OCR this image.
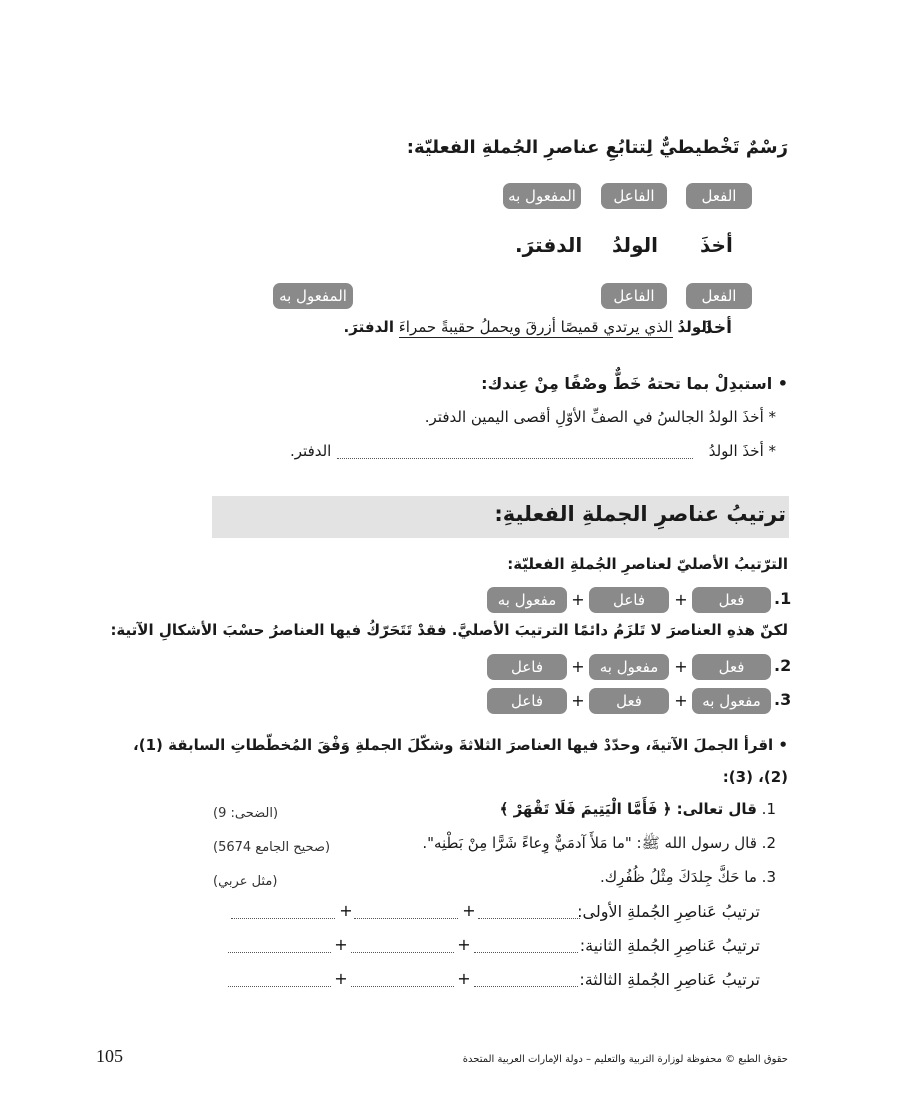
رَسْمٌ تَخْطيطيٌّ لِتتابُعِ عناصرِ الجُملةِ الفعليّة:
الفعل
الفاعل
المفعول به
أخذَ
الولدُ
الدفترَ.
الفعل
الفاعل
المفعول به
أخذَ
الولدُ الذي يرتدي قميصًا أزرقَ ويحملُ حقيبةً حمراءَ الدفترَ.
• استبدِلْ بما تحتهُ خَطٌّ وصْفًا مِنْ عِندك:
* أخذَ الولدُ الجالسُ في الصفِّ الأوّلِ أقصى اليمين الدفتر.
* أخذَ الولدُ
الدفتر.
ترتيبُ عناصرِ الجملةِ الفعليةِ:
الترّتيبُ الأصليّ لعناصرِ الجُملةِ الفعليّة:
1.
فعل
+
فاعل
+
مفعول به
لكنّ هذهِ العناصرَ لا تَلزَمُ دائمًا الترتيبَ الأصليَّ. فقدْ تَتَحَرّكُ فيها العناصرُ حسْبَ الأشكالِ الآتية:
2.
فعل
+
مفعول به
+
فاعل
3.
مفعول به
+
فعل
+
فاعل
• اقرأ الجملَ الآتيةَ، وحدّدْ فيها العناصرَ الثلاثةَ وشكّلَ الجملةِ وَفْقَ المُخطّطاتِ السابقة (1)،
(2)، (3):
1. قال تعالى: ﴿ فَأَمَّا الْيَتِيمَ فَلَا تَقْهَرْ ﴾
(الضحى: 9)
2. قال رسول الله ﷺ: "ما مَلأَ آدمَيٌّ وِعاءً شَرًّا مِنْ بَطْنِه".
(صحيح الجامع 5674)
3. ما حَكَّ جِلدَكَ مِثْلُ ظُفُرِك.
(مثل عربي)
ترتيبُ عَناصِرِ الجُملةِ الأولى:
+
+
ترتيبُ عَناصِرِ الجُملةِ الثانية:
+
+
ترتيبُ عَناصِرِ الجُملةِ الثالثة:
+
+
105	حقوق الطبع © محفوظة لوزارة التربية والتعليم – دولة الإمارات العربية المتحدة
